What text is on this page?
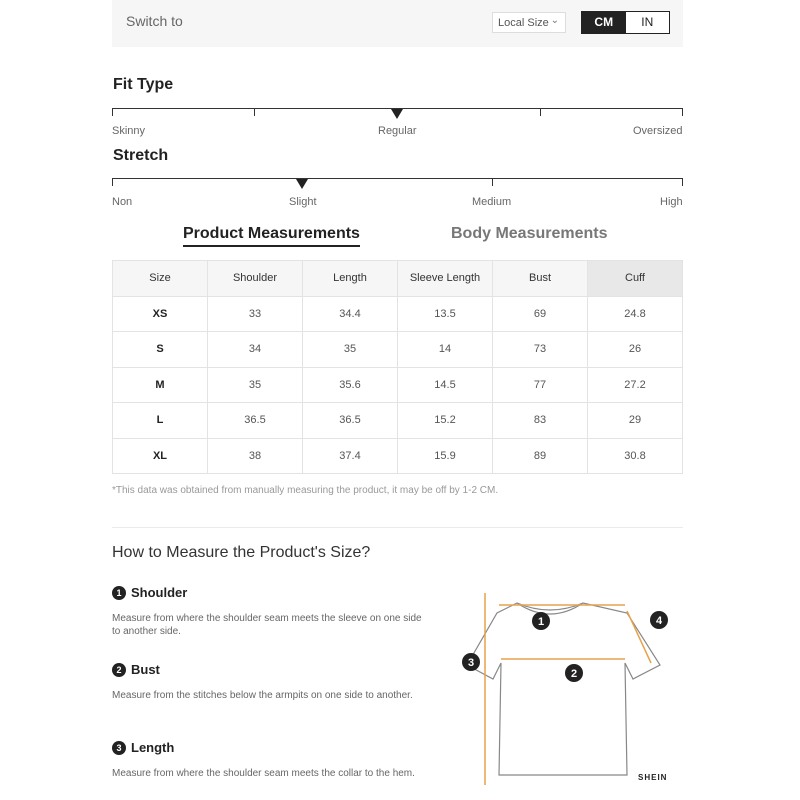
Switch to	Local Size ⌄	CM	IN
Fit Type
Skinny	Regular	Oversized
Stretch
Non	Slight	Medium	High
Product Measurements	Body Measurements
Size	Shoulder	Length	Sleeve Length	Bust	Cuff
XS	33	34.4	13.5	69	24.8
S	34	35	14	73	26
M	35	35.6	14.5	77	27.2
L	36.5	36.5	15.2	83	29
XL	38	37.4	15.9	89	30.8
*This data was obtained from manually measuring the product, it may be off by 1-2 CM.
How to Measure the Product's Size?
1 Shoulder
Measure from where the shoulder seam meets the sleeve on one side to another side.
2 Bust
Measure from the stitches below the armpits on one side to another.
3 Length
Measure from where the shoulder seam meets the collar to the hem.
1
2
3
4
SHEIN
